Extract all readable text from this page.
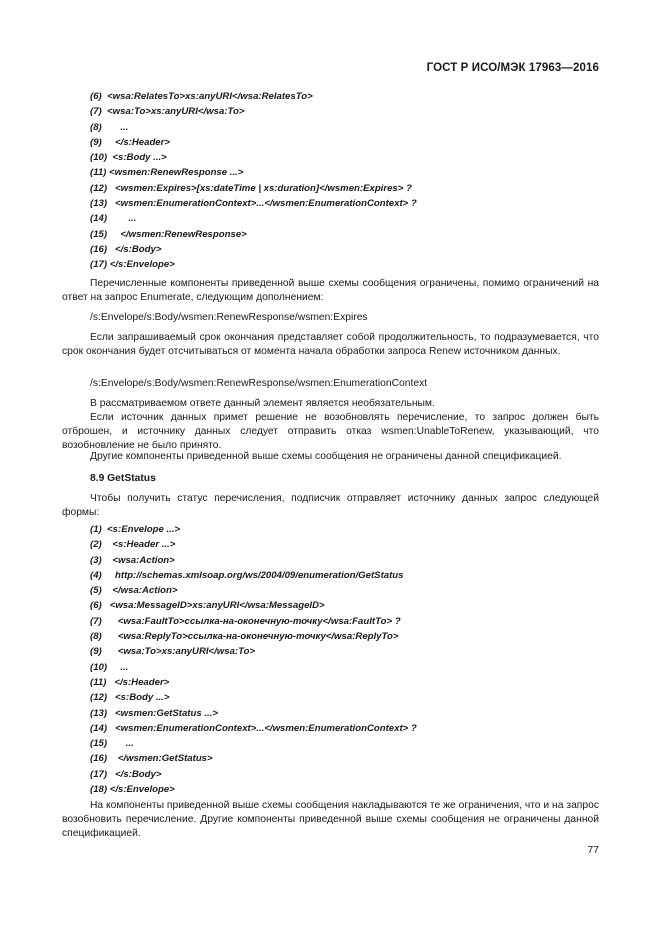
ГОСТ Р ИСО/МЭК 17963—2016
(6)  <wsa:RelatesTo>xs:anyURI</wsa:RelatesTo>
(7)  <wsa:To>xs:anyURI</wsa:To>
(8)       ...
(9)     </s:Header>
(10)  <s:Body ...>
(11) <wsmen:RenewResponse ...>
(12)   <wsmen:Expires>[xs:dateTime | xs:duration]</wsmen:Expires> ?
(13)   <wsmen:EnumerationContext>...</wsmen:EnumerationContext> ?
(14)        ...
(15)     </wsmen:RenewResponse>
(16)   </s:Body>
(17) </s:Envelope>

Перечисленные компоненты приведенной выше схемы сообщения ограничены, помимо ограничений на ответ на запрос Enumerate, следующим дополнением:

/s:Envelope/s:Body/wsmen:RenewResponse/wsmen:Expires

Если запрашиваемый срок окончания представляет собой продолжительность, то подразумевается, что срок окончания будет отсчитываться от момента начала обработки запроса Renew источником данных.

/s:Envelope/s:Body/wsmen:RenewResponse/wsmen:EnumerationContext

В рассматриваемом ответе данный элемент является необязательным.

Если источник данных примет решение не возобновлять перечисление, то запрос должен быть отброшен, и источнику данных следует отправить отказ wsmen:UnableToRenew, указывающий, что возобновление не было принято.

Другие компоненты приведенной выше схемы сообщения не ограничены данной спецификацией.

8.9 GetStatus

Чтобы получить статус перечисления, подписчик отправляет источнику данных запрос следующей формы:

(1)  <s:Envelope ...>
(2)    <s:Header ...>
(3)    <wsa:Action>
(4)     http://schemas.xmlsoap.org/ws/2004/09/enumeration/GetStatus
(5)    </wsa:Action>
(6)   <wsa:MessageID>xs:anyURI</wsa:MessageID>
(7)      <wsa:FaultTo>ссылка-на-оконечную-точку</wsa:FaultTo> ?
(8)      <wsa:ReplyTo>ссылка-на-оконечную-точку</wsa:ReplyTo>
(9)      <wsa:To>xs:anyURI</wsa:To>
(10)     ...
(11)   </s:Header>
(12)   <s:Body ...>
(13)   <wsmen:GetStatus ...>
(14)   <wsmen:EnumerationContext>...</wsmen:EnumerationContext> ?
(15)       ...
(16)    </wsmen:GetStatus>
(17)   </s:Body>
(18) </s:Envelope>

На компоненты приведенной выше схемы сообщения накладываются те же ограничения, что и на запрос возобновить перечисление. Другие компоненты приведенной выше схемы сообщения не ограничены данной спецификацией.

77
